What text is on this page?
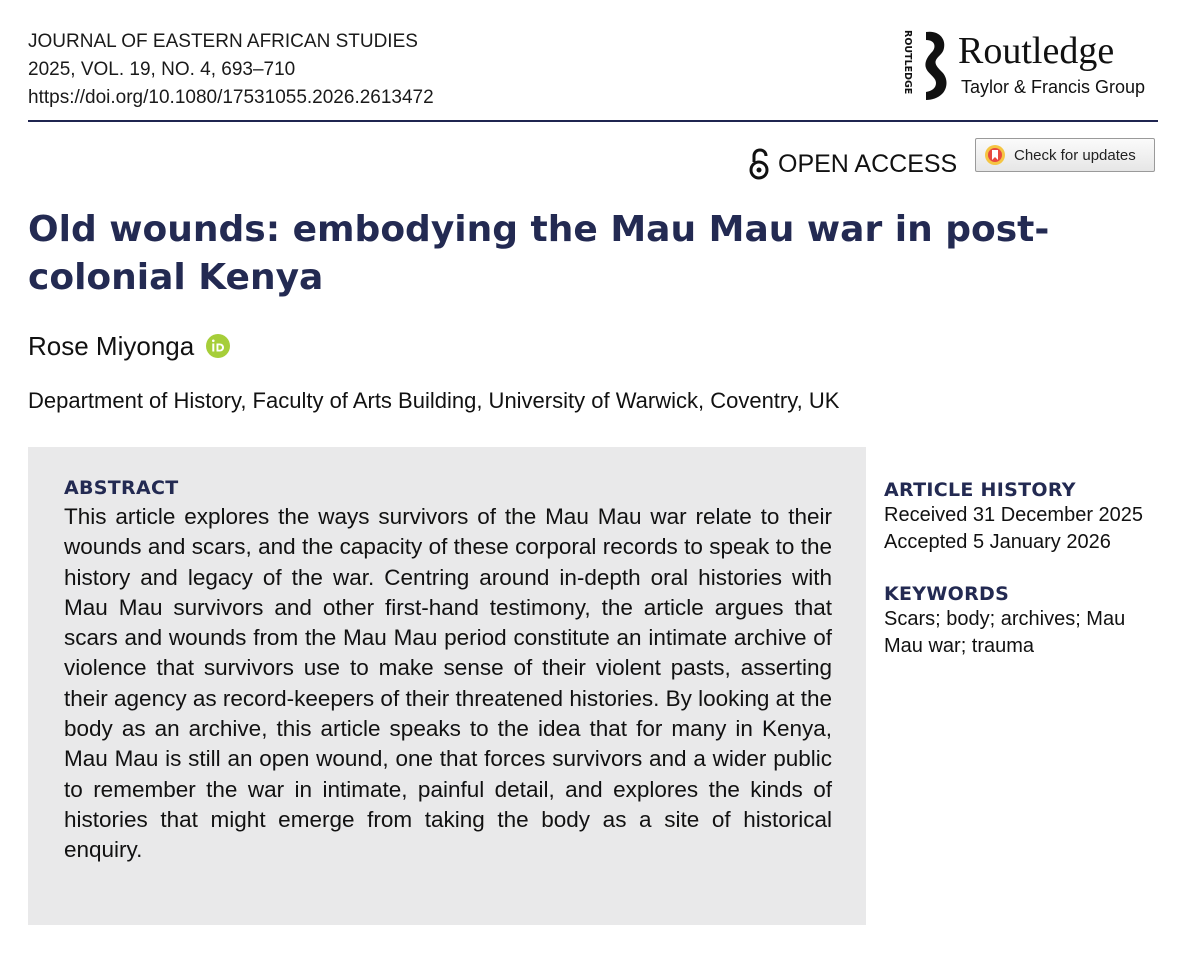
JOURNAL OF EASTERN AFRICAN STUDIES
2025, VOL. 19, NO. 4, 693–710
https://doi.org/10.1080/17531055.2026.2613472
ROUTLEDGE Routledge
Taylor & Francis Group
OPEN ACCESS	Check for updates
Old wounds: embodying the Mau Mau war in post-colonial Kenya
Rose Miyonga
Department of History, Faculty of Arts Building, University of Warwick, Coventry, UK
ABSTRACT

This article explores the ways survivors of the Mau Mau war relate to their wounds and scars, and the capacity of these corporal records to speak to the history and legacy of the war. Centring around in-depth oral histories with Mau Mau survivors and other first-hand testimony, the article argues that scars and wounds from the Mau Mau period constitute an intimate archive of violence that survivors use to make sense of their violent pasts, asserting their agency as record-keepers of their threatened histories. By looking at the body as an archive, this article speaks to the idea that for many in Kenya, Mau Mau is still an open wound, one that forces survivors and a wider public to remember the war in intimate, painful detail, and explores the kinds of histories that might emerge from taking the body as a site of historical enquiry.

ARTICLE HISTORY
Received 31 December 2025
Accepted 5 January 2026
KEYWORDS
Scars; body; archives; Mau Mau war; trauma
